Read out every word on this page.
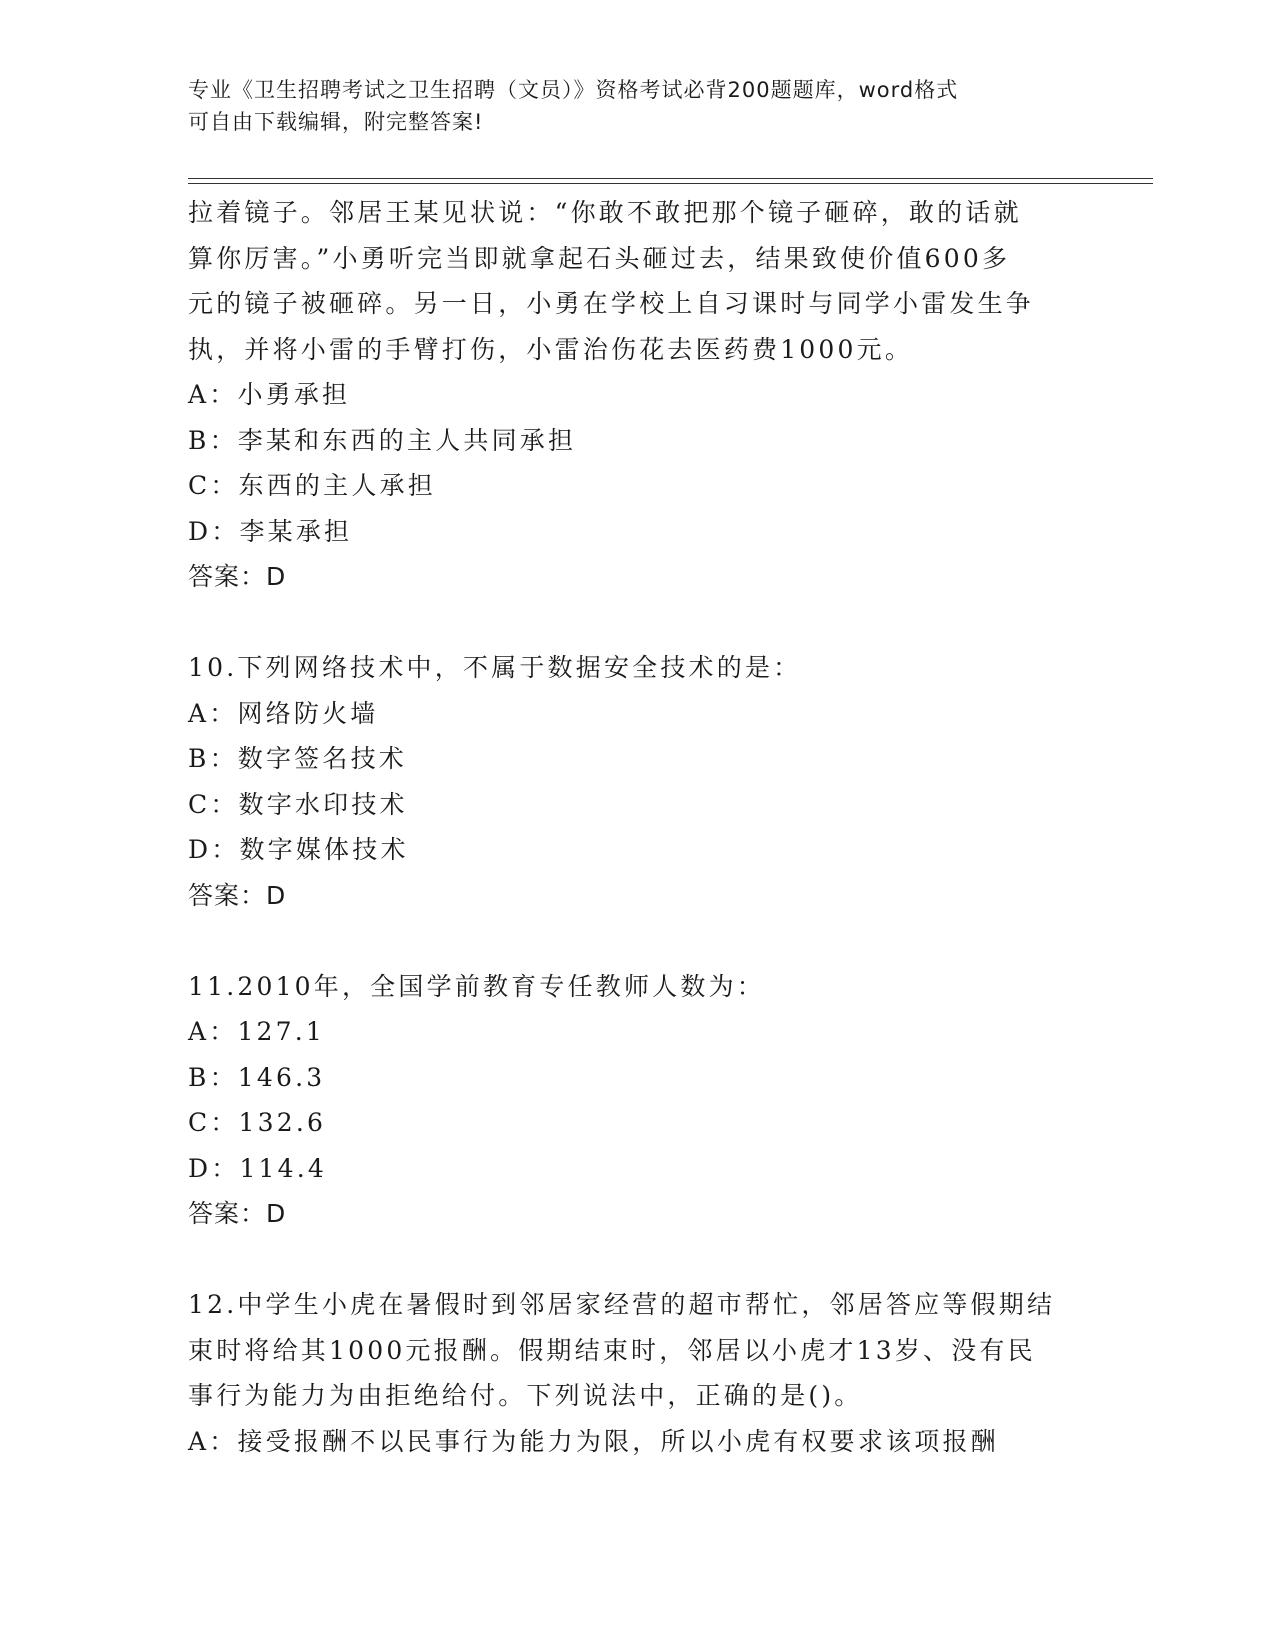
专业《卫生招聘考试之卫生招聘（文员）》资格考试必背200题题库，word格式
可自由下载编辑，附完整答案!
拉着镜子。邻居王某见状说：“你敢不敢把那个镜子砸碎，敢的话就
算你厉害。”小勇听完当即就拿起石头砸过去，结果致使价值600多
元的镜子被砸碎。另一日，小勇在学校上自习课时与同学小雷发生争
执，并将小雷的手臂打伤，小雷治伤花去医药费1000元。
A：小勇承担
B：李某和东西的主人共同承担
C：东西的主人承担
D：李某承担
答案：D
10.下列网络技术中，不属于数据安全技术的是：
A：网络防火墙
B：数字签名技术
C：数字水印技术
D：数字媒体技术
答案：D
11.2010年，全国学前教育专任教师人数为：
A：127.1
B：146.3
C：132.6
D：114.4
答案：D
12.中学生小虎在暑假时到邻居家经营的超市帮忙，邻居答应等假期结
束时将给其1000元报酬。假期结束时，邻居以小虎才13岁、没有民
事行为能力为由拒绝给付。下列说法中，正确的是()。
A：接受报酬不以民事行为能力为限，所以小虎有权要求该项报酬
